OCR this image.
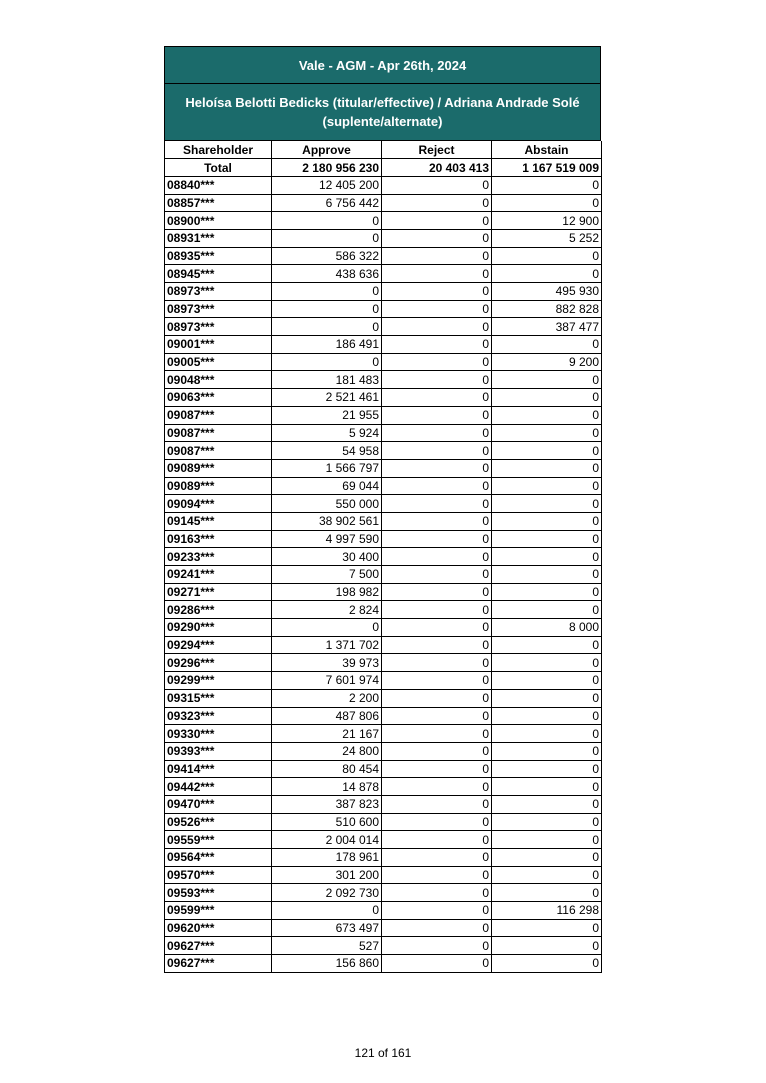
Vale - AGM - Apr 26th, 2024
Heloísa Belotti Bedicks (titular/effective) / Adriana Andrade Solé (suplente/alternate)
Shareholder	Approve	Reject	Abstain
Total	2 180 956 230	20 403 413	1 167 519 009
08840***	12 405 200	0	0
08857***	6 756 442	0	0
08900***	0	0	12 900
08931***	0	0	5 252
08935***	586 322	0	0
08945***	438 636	0	0
08973***	0	0	495 930
08973***	0	0	882 828
08973***	0	0	387 477
09001***	186 491	0	0
09005***	0	0	9 200
09048***	181 483	0	0
09063***	2 521 461	0	0
09087***	21 955	0	0
09087***	5 924	0	0
09087***	54 958	0	0
09089***	1 566 797	0	0
09089***	69 044	0	0
09094***	550 000	0	0
09145***	38 902 561	0	0
09163***	4 997 590	0	0
09233***	30 400	0	0
09241***	7 500	0	0
09271***	198 982	0	0
09286***	2 824	0	0
09290***	0	0	8 000
09294***	1 371 702	0	0
09296***	39 973	0	0
09299***	7 601 974	0	0
09315***	2 200	0	0
09323***	487 806	0	0
09330***	21 167	0	0
09393***	24 800	0	0
09414***	80 454	0	0
09442***	14 878	0	0
09470***	387 823	0	0
09526***	510 600	0	0
09559***	2 004 014	0	0
09564***	178 961	0	0
09570***	301 200	0	0
09593***	2 092 730	0	0
09599***	0	0	116 298
09620***	673 497	0	0
09627***	527	0	0
09627***	156 860	0	0
121 of 161
